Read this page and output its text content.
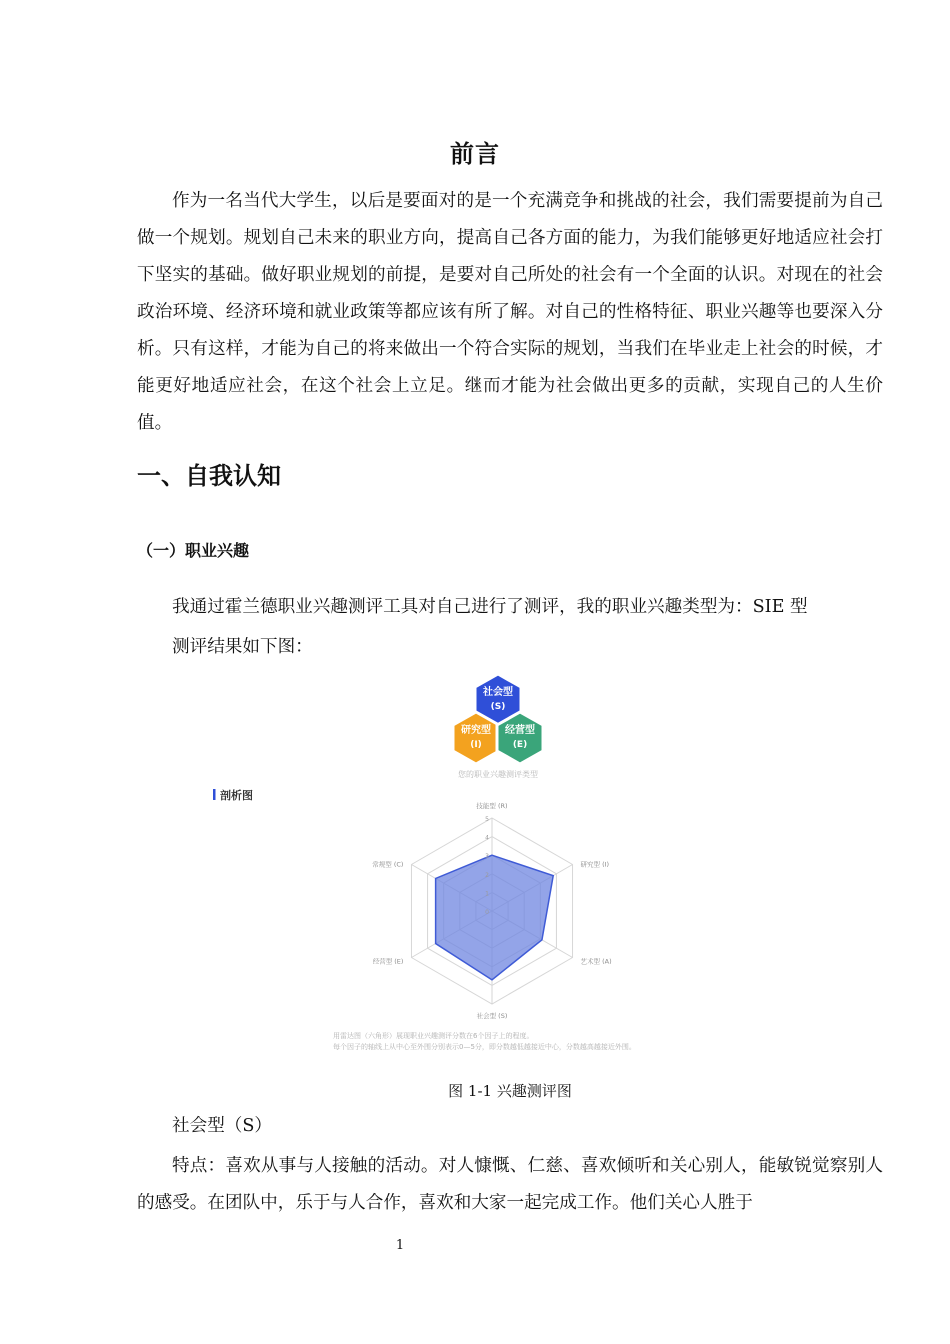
前言

作为一名当代大学生，以后是要面对的是一个充满竞争和挑战的社会，我们需要提前为自己做一个规划。规划自己未来的职业方向，提高自己各方面的能力，为我们能够更好地适应社会打下坚实的基础。做好职业规划的前提，是要对自己所处的社会有一个全面的认识。对现在的社会政治环境、经济环境和就业政策等都应该有所了解。对自己的性格特征、职业兴趣等也要深入分析。只有这样，才能为自己的将来做出一个符合实际的规划，当我们在毕业走上社会的时候，才能更好地适应社会，在这个社会上立足。继而才能为社会做出更多的贡献，实现自己的人生价值。

一、自我认知
（一）职业兴趣
我通过霍兰德职业兴趣测评工具对自己进行了测评，我的职业兴趣类型为：SIE 型
测评结果如下图：
社会型
(S)
研究型
(I)
经营型
(E)
您的职业兴趣测评类型
剖析图
0
1
2
3
4
5
技能型 (R)
研究型 (I)
艺术型 (A)
社会型 (S)
经营型 (E)
常规型 (C)
用雷达图（六角形）展现职业兴趣测评分数在6个因子上的程度。
每个因子的轴线上从中心至外围分别表示0—5分，即分数越低越接近中心，分数越高越接近外围。
图 1-1 兴趣测评图
社会型（S）

特点：喜欢从事与人接触的活动。对人慷慨、仁慈、喜欢倾听和关心别人，能敏锐觉察别人的感受。在团队中，乐于与人合作，喜欢和大家一起完成工作。他们关心人胜于

1
